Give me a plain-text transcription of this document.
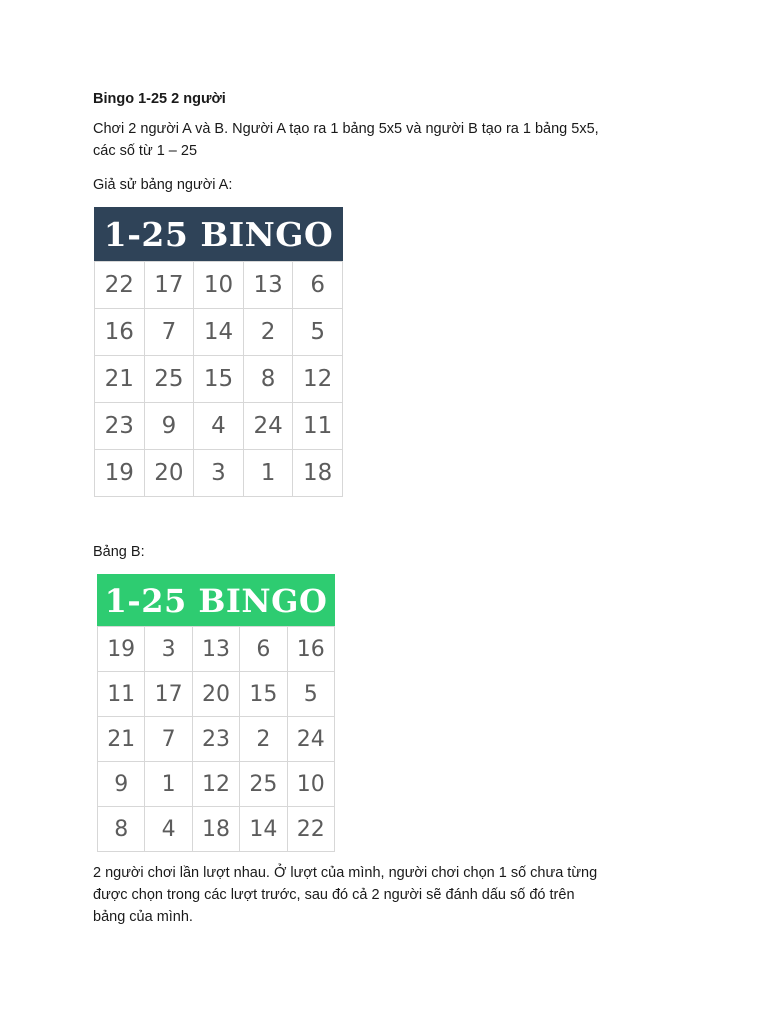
Bingo 1-25 2 người

Chơi 2 người A và B. Người A tạo ra 1 bảng 5x5 và người B tạo ra 1 bảng 5x5,
các số từ 1 – 25

Giả sử bảng người A:

1-25 BINGO
22	17	10	13	6
16	7	14	2	5
21	25	15	8	12
23	9	4	24	11
19	20	3	1	18

Bảng B:

1-25 BINGO
19	3	13	6	16
11	17	20	15	5
21	7	23	2	24
9	1	12	25	10
8	4	18	14	22

2 người chơi lần lượt nhau. Ở lượt của mình, người chơi chọn 1 số chưa từng
được chọn trong các lượt trước, sau đó cả 2 người sẽ đánh dấu số đó trên
bảng của mình.
